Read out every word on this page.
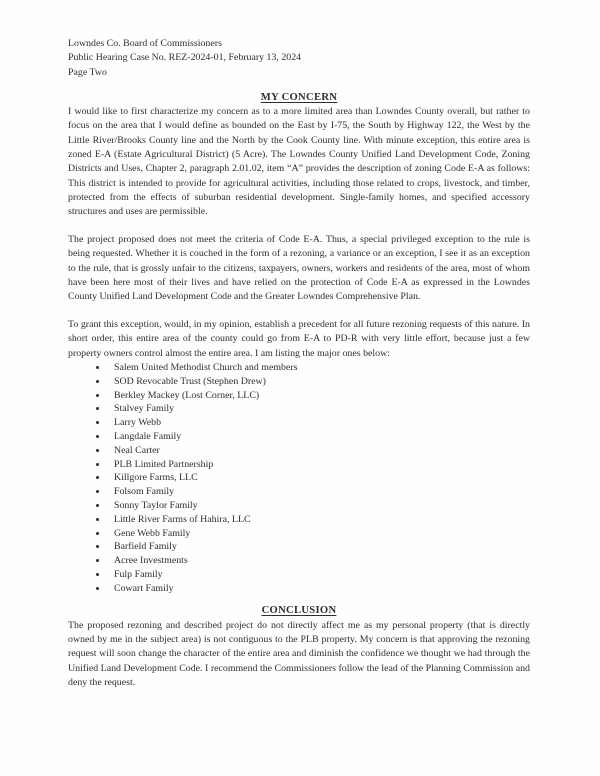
Lowndes Co. Board of Commissioners
Public Hearing Case No. REZ-2024-01, February 13, 2024
Page Two
MY CONCERN

I would like to first characterize my concern as to a more limited area than Lowndes County overall, but rather to focus on the area that I would define as bounded on the East by I-75, the South by Highway 122, the West by the Little River/Brooks County line and the North by the Cook County line. With minute exception, this entire area is zoned E-A (Estate Agricultural District) (5 Acre). The Lowndes County Unified Land Development Code, Zoning Districts and Uses, Chapter 2, paragraph 2.01.02, item “A” provides the description of zoning Code E-A as follows: This district is intended to provide for agricultural activities, including those related to crops, livestock, and timber, protected from the effects of suburban residential development. Single-family homes, and specified accessory structures and uses are permissible.

The project proposed does not meet the criteria of Code E-A. Thus, a special privileged exception to the rule is being requested. Whether it is couched in the form of a rezoning, a variance or an exception, I see it as an exception to the rule, that is grossly unfair to the citizens, taxpayers, owners, workers and residents of the area, most of whom have been here most of their lives and have relied on the protection of Code E-A as expressed in the Lowndes County Unified Land Development Code and the Greater Lowndes Comprehensive Plan.

To grant this exception, would, in my opinion, establish a precedent for all future rezoning requests of this nature. In short order, this entire area of the county could go from E-A to PD-R with very little effort, because just a few property owners control almost the entire area. I am listing the major ones below:

• Salem United Methodist Church and members
• SOD Revocable Trust (Stephen Drew)
• Berkley Mackey (Lost Corner, LLC)
• Stalvey Family
• Larry Webb
• Langdale Family
• Neal Carter
• PLB Limited Partnership
• Killgore Farms, LLC
• Folsom Family
• Sonny Taylor Family
• Little River Farms of Hahira, LLC
• Gene Webb Family
• Barfield Family
• Acree Investments
• Fulp Family
• Cowart Family
CONCLUSION

The proposed rezoning and described project do not directly affect me as my personal property (that is directly owned by me in the subject area) is not contiguous to the PLB property. My concern is that approving the rezoning request will soon change the character of the entire area and diminish the confidence we thought we had through the Unified Land Development Code. I recommend the Commissioners follow the lead of the Planning Commission and deny the request.
